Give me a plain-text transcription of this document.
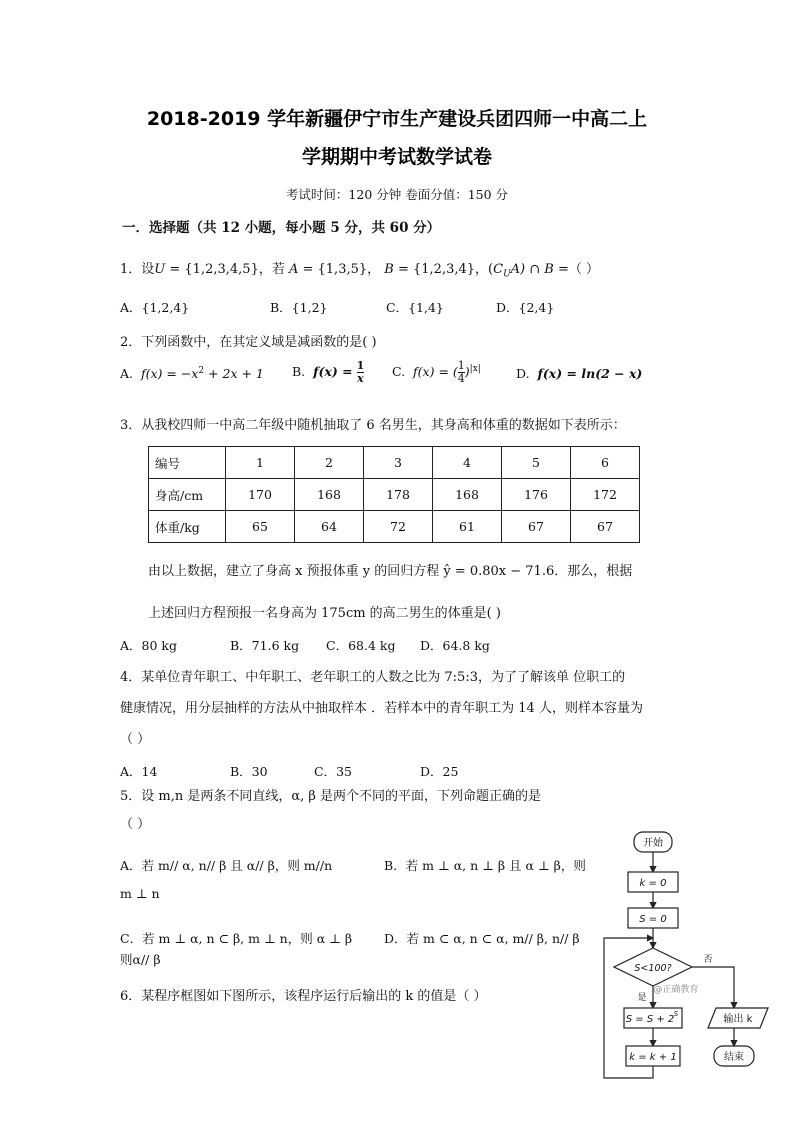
2018-2019 学年新疆伊宁市生产建设兵团四师一中高二上
学期期中考试数学试卷
考试时间：120 分钟 卷面分值：150 分
一．选择题（共 12 小题，每小题 5 分，共 60 分）
1．设U = {1,2,3,4,5}，若 A = {1,3,5}， B = {1,2,3,4}，$(C_UA)$ ∩ B =（ ）
A．{1,2,4}	B．{1,2}	C．{1,4}	D．{2,4}
2．下列函数中，在其定义域是减函数的是( )
A. $f(x) = -x^2 + 2x + 1$ B. f(x) = 1
x C. f(x) = ( $\frac{1}{4} )^{|x|}$	D. f(x) = ln(2 − x)
3．从我校四师一中高二年级中随机抽取了 6 名男生，其身高和体重的数据如下表所示：
编号	1	2	3	4	5	6
身高/cm	170	168	178	168	176	172
体重/kg	65	64	72	61	67	67
由以上数据，建立了身高 x 预报体重 y 的回归方程 ŷ = 0.80x − 71.6．那么，根据
上述回归方程预报一名身高为 175cm 的高二男生的体重是( )
A．80 kg	B．71.6 kg C．68.4 kg D．64.8 kg
4．某单位青年职工、中年职工、老年职工的人数之比为 7:5:3，为了了解该单 位职工的
健康情况，用分层抽样的方法从中抽取样本 ．若样本中的青年职工为 14 人，则样本容量为
（ ）
A．14	B．30	C．35	D．25
5．设 m,n 是两条不同直线，α, β 是两个不同的平面，下列命题正确的是
（ ）
A．若 m// α, n// β 且 α// β，则 m//n	B．若 m ⊥ α, n ⊥ β 且 α ⊥ β，则
m ⊥ n
C．若 m ⊥ α, n ⊂ β, m ⊥ n，则 α ⊥ β	D．若 m ⊂ α, n ⊂ α, m// β, n// β
则α// β
6．某程序框图如下图所示，该程序运行后输出的 k 的值是（ ）
开始
k = 0
S = 0
S<100?
否
是
@正确教育
S = S + 2 S
k = k + 1
输出 k
结束
